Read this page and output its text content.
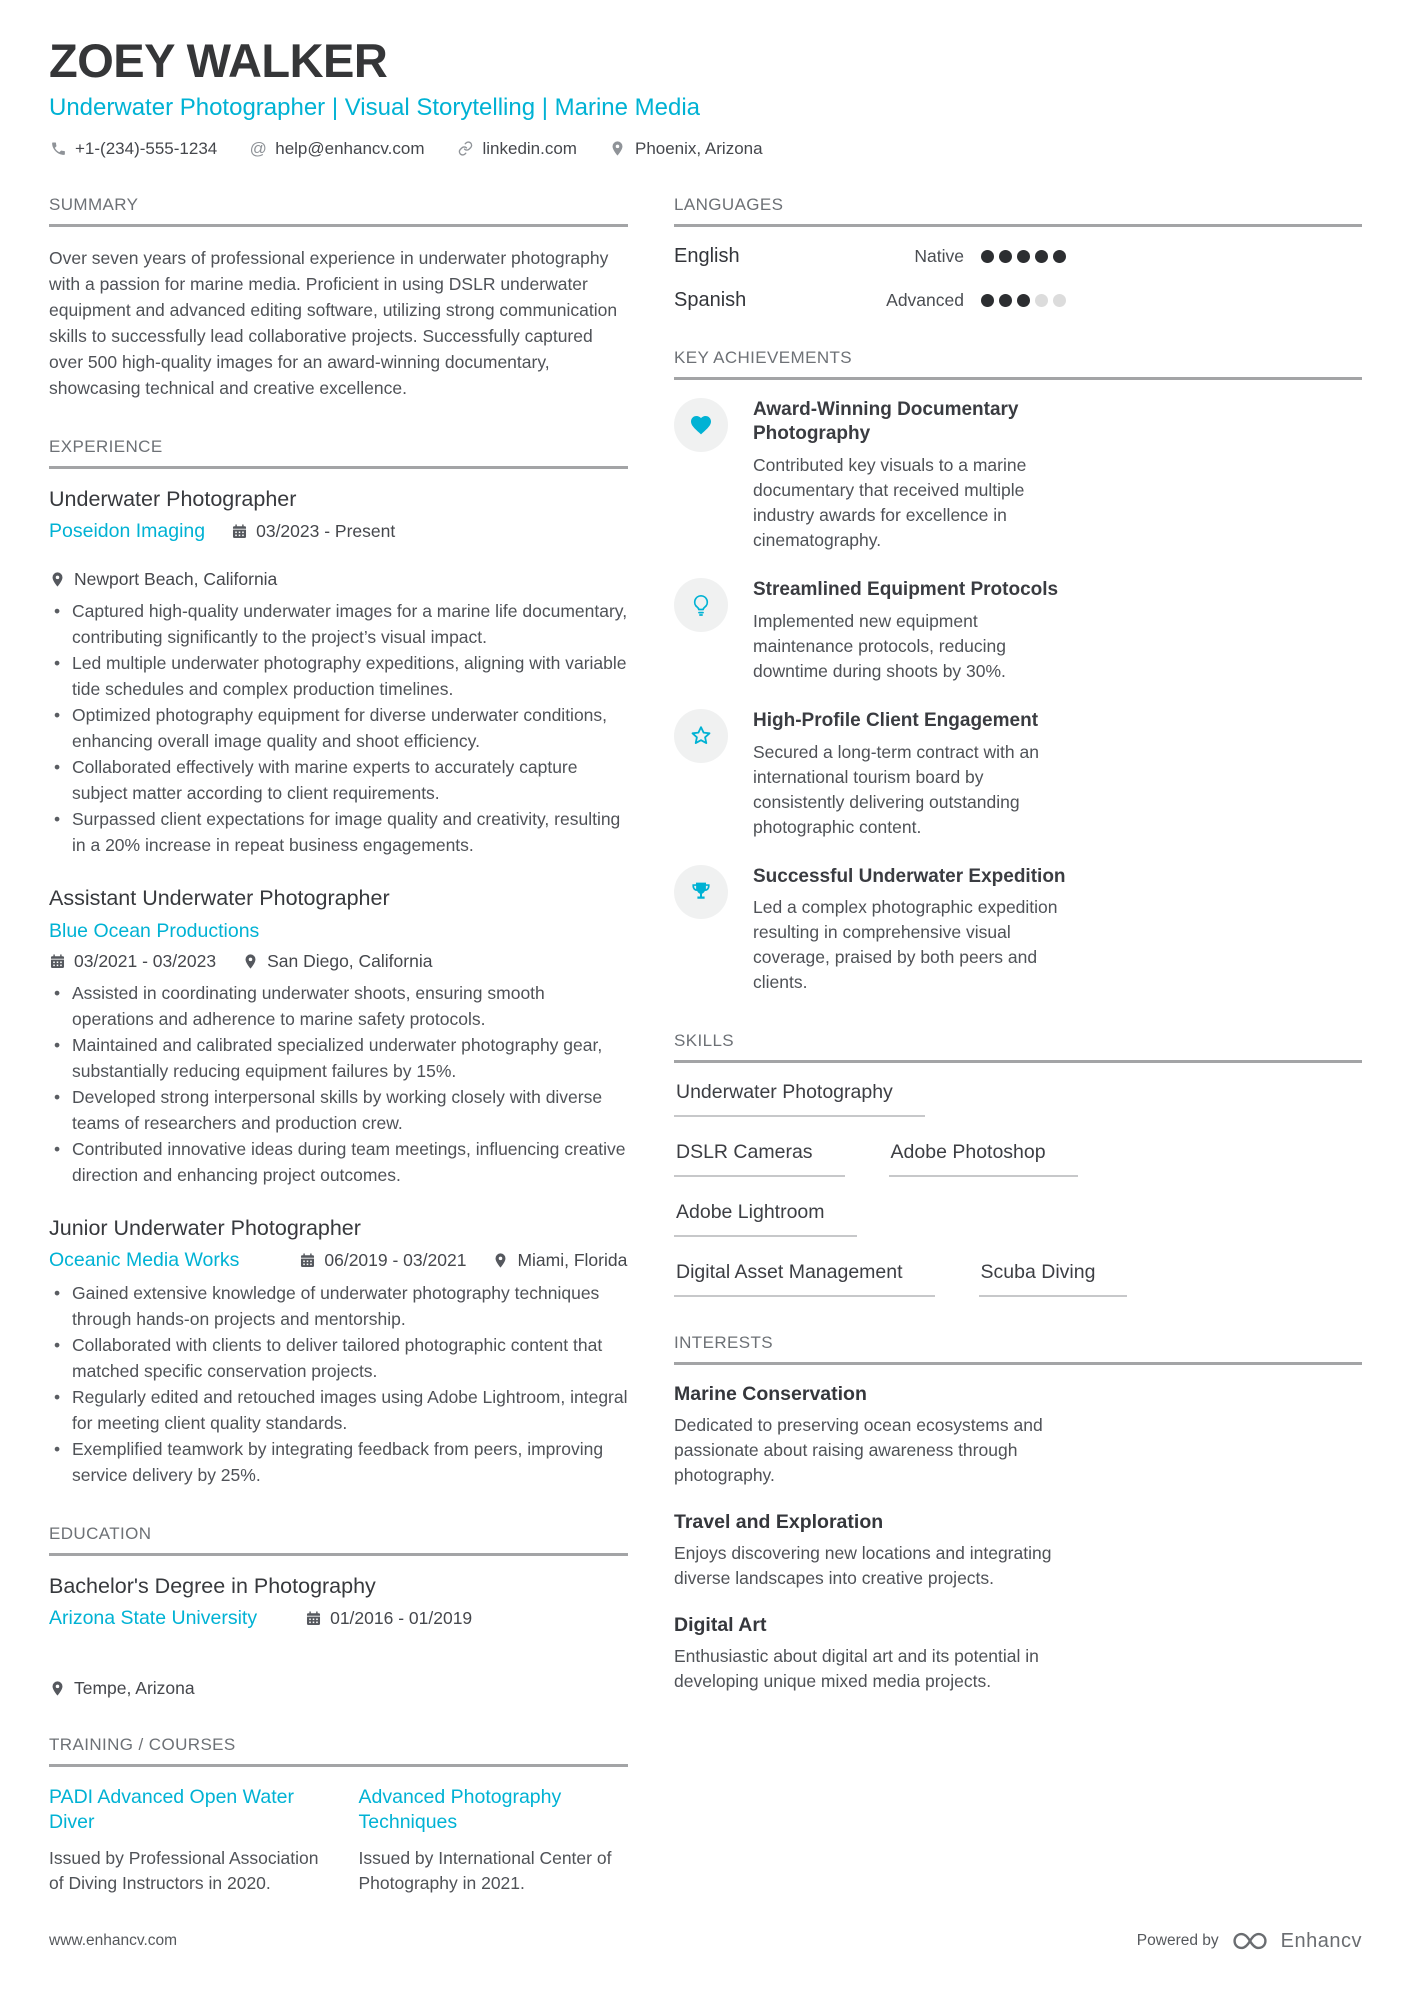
ZOEY WALKER
Underwater Photographer | Visual Storytelling | Marine Media
+1-(234)-555-1234 @ help@enhancv.com	linkedin.com	Phoenix, Arizona
SUMMARY

Over seven years of professional experience in underwater photography with a passion for marine media. Proficient in using DSLR underwater equipment and advanced editing software, utilizing strong communication skills to successfully lead collaborative projects. Successfully captured over 500 high-quality images for an award-winning documentary, showcasing technical and creative excellence.

EXPERIENCE
Underwater Photographer
Poseidon Imaging	03/2023 - Present
Newport Beach, California
• Captured high-quality underwater images for a marine life documentary, contributing significantly to the project’s visual impact.
• Led multiple underwater photography expeditions, aligning with variable tide schedules and complex production timelines.
• Optimized photography equipment for diverse underwater conditions, enhancing overall image quality and shoot efficiency.
• Collaborated effectively with marine experts to accurately capture subject matter according to client requirements.
• Surpassed client expectations for image quality and creativity, resulting in a 20% increase in repeat business engagements.
Assistant Underwater Photographer
Blue Ocean Productions
03/2021 - 03/2023	San Diego, California
• Assisted in coordinating underwater shoots, ensuring smooth operations and adherence to marine safety protocols.
• Maintained and calibrated specialized underwater photography gear, substantially reducing equipment failures by 15%.
• Developed strong interpersonal skills by working closely with diverse teams of researchers and production crew.
• Contributed innovative ideas during team meetings, influencing creative direction and enhancing project outcomes.
Junior Underwater Photographer
Oceanic Media Works	06/2019 - 03/2021	Miami, Florida
• Gained extensive knowledge of underwater photography techniques through hands-on projects and mentorship.
• Collaborated with clients to deliver tailored photographic content that matched specific conservation projects.
• Regularly edited and retouched images using Adobe Lightroom, integral for meeting client quality standards.
• Exemplified teamwork by integrating feedback from peers, improving service delivery by 25%.
EDUCATION
Bachelor's Degree in Photography
Arizona State University	01/2016 - 01/2019
Tempe, Arizona
TRAINING / COURSES
PADI Advanced Open Water Diver
Issued by Professional Association of Diving Instructors in 2020.
Advanced Photography Techniques
Issued by International Center of Photography in 2021.
LANGUAGES
English	Native
Spanish	Advanced
KEY ACHIEVEMENTS
Award-Winning Documentary Photography
Contributed key visuals to a marine documentary that received multiple industry awards for excellence in cinematography.
Streamlined Equipment Protocols
Implemented new equipment maintenance protocols, reducing downtime during shoots by 30%.
High-Profile Client Engagement
Secured a long-term contract with an international tourism board by consistently delivering outstanding photographic content.
Successful Underwater Expedition
Led a complex photographic expedition resulting in comprehensive visual coverage, praised by both peers and clients.
SKILLS
Underwater Photography
DSLR Cameras	Adobe Photoshop
Adobe Lightroom
Digital Asset Management	Scuba Diving
INTERESTS
Marine Conservation
Dedicated to preserving ocean ecosystems and passionate about raising awareness through photography.
Travel and Exploration
Enjoys discovering new locations and integrating diverse landscapes into creative projects.
Digital Art
Enthusiastic about digital art and its potential in developing unique mixed media projects.
www.enhancv.com	Powered by	Enhancv
